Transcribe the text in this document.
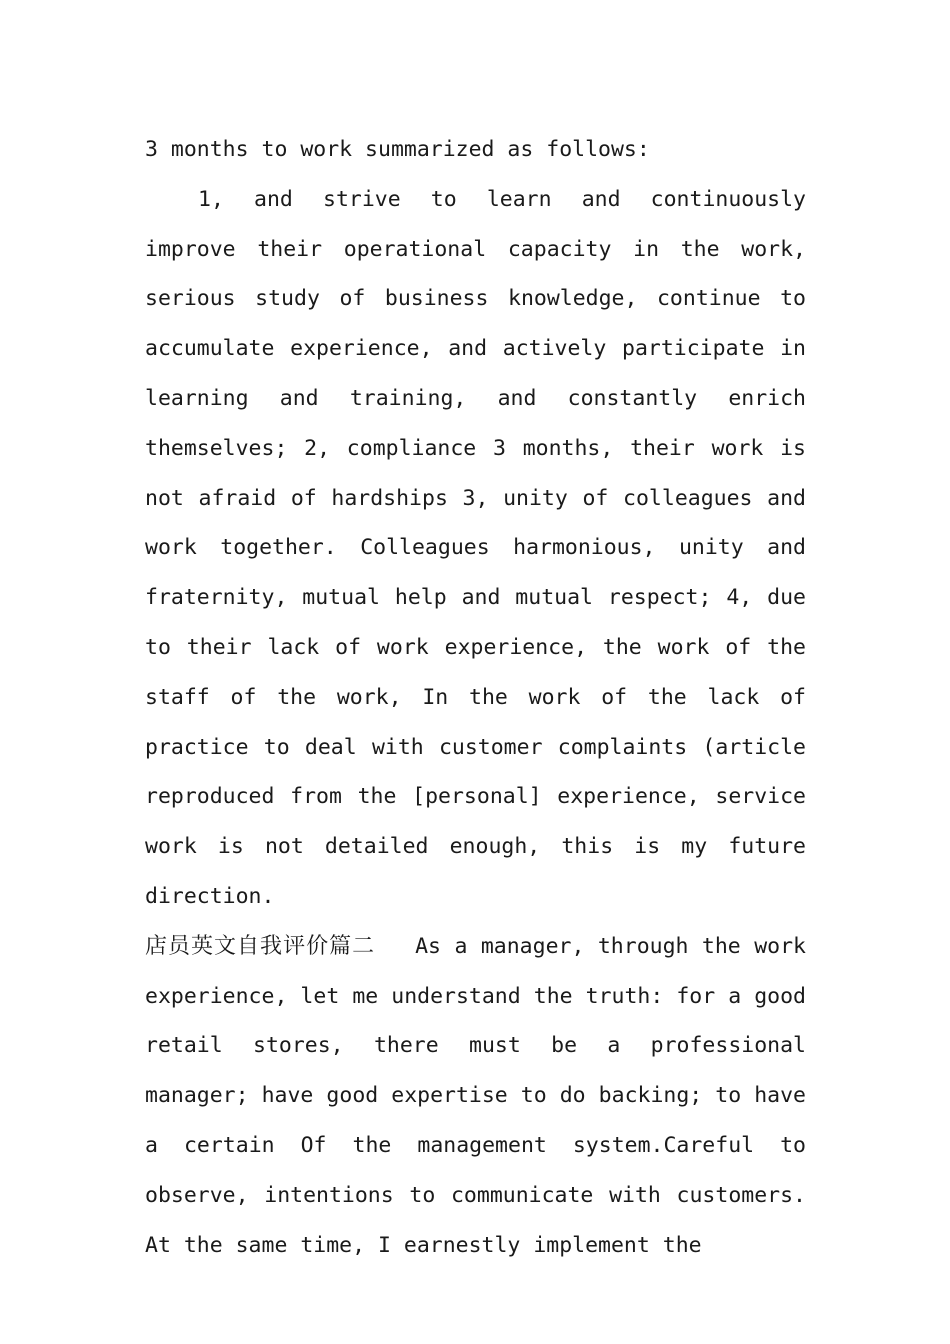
3 months to work summarized as follows:

1, and strive to learn and continuously improve their operational capacity in the work, serious study of business knowledge, continue to accumulate experience, and actively participate in learning and training, and constantly enrich themselves; 2, compliance 3 months, their work is not afraid of hardships 3, unity of colleagues and work together. Colleagues harmonious, unity and fraternity, mutual help and mutual respect; 4, due to their lack of work experience, the work of the staff of the work, In the work of the lack of practice to deal with customer complaints (article reproduced from the [personal] experience, service work is not detailed enough, this is my future direction.

店员英文自我评价篇二 As a manager, through the work experience, let me understand the truth: for a good retail stores, there must be a professional manager; have good expertise to do backing; to have a certain Of the management system.Careful to observe, intentions to communicate with customers. At the same time, I earnestly implement the
